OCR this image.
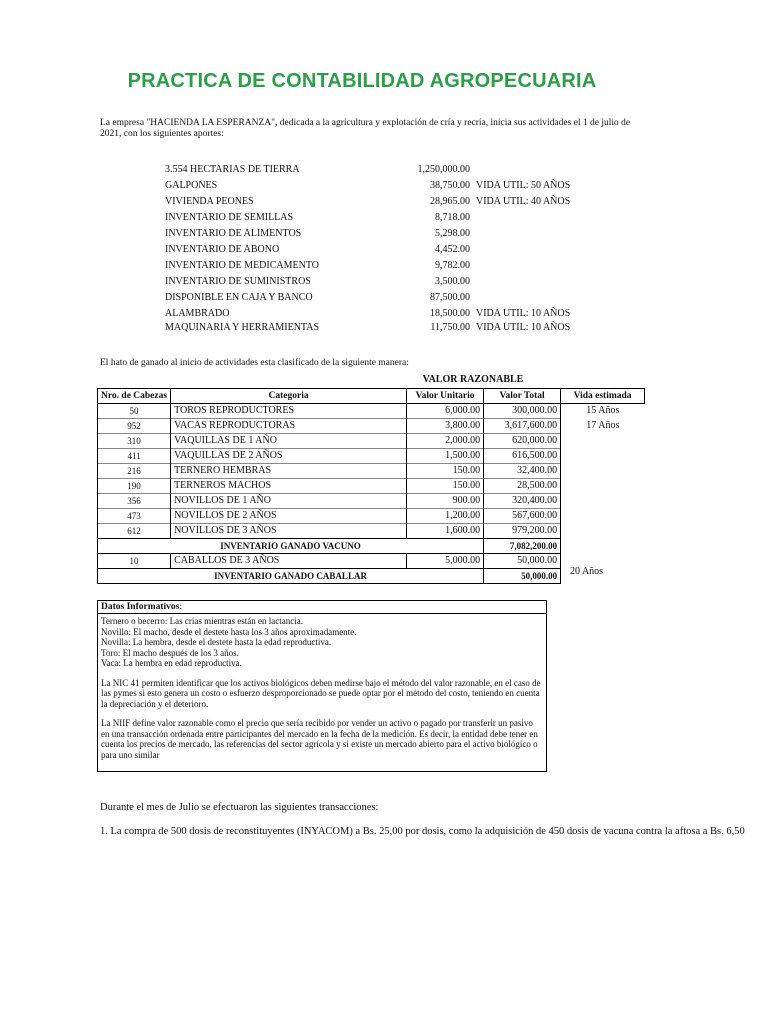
PRACTICA DE CONTABILIDAD AGROPECUARIA
La empresa "HACIENDA LA ESPERANZA", dedicada a la agricultura y explotación de cría y recría, inicia sus actividades el 1 de julio de 2021, con los siguientes aportes:
3.554 HECTARIAS DE TIERRA	1,250,000.00
GALPONES	38,750.00 VIDA UTIL: 50 AÑOS
VIVIENDA PEONES	28,965.00 VIDA UTIL: 40 AÑOS
INVENTARIO DE SEMILLAS	8,718.00
INVENTARIO DE ALIMENTOS	5,298.00
INVENTARIO DE ABONO	4,452.00
INVENTARIO DE MEDICAMENTO	9,782.00
INVENTARIO DE SUMINISTROS	3,500.00
DISPONIBLE EN CAJA Y BANCO	87,500.00
ALAMBRADO	18,500.00 VIDA UTIL: 10 AÑOS
MAQUINARIA Y HERRAMIENTAS	11,750.00 VIDA UTIL: 10 AÑOS
El hato de ganado al inicio de actividades esta clasificado de la siguiente manera:
VALOR RAZONABLE
Nro. de Cabezas	Categoria	Valor Unitario	Valor Total	Vida estimada
50	TOROS REPRODUCTORES	6,000.00	300,000.00	15 Años
952	VACAS REPRODUCTORAS	3,800.00	3,617,600.00	17 Años
310	VAQUILLAS DE 1 AÑO	2,000.00	620,000.00	
411	VAQUILLAS DE 2 AÑOS	1,500.00	616,500.00	
216	TERNERO HEMBRAS	150.00	32,400.00	
190	TERNEROS MACHOS	150.00	28,500.00	
356	NOVILLOS DE 1 AÑO	900.00	320,400.00	
473	NOVILLOS DE 2 AÑOS	1,200.00	567,600.00	
612	NOVILLOS DE 3 AÑOS	1,600.00	979,200.00	
INVENTARIO GANADO VACUNO			7,082,200.00	
10	CABALLOS DE 3 AÑOS	5,000.00	50,000.00	
INVENTARIO GANADO CABALLAR			50,000.00	20 Años
Datos Informativos:

Ternero o becerro: Las crías mientras están en lactancia.
Novillo: El macho, desde el destete hasta los 3 años aproximadamente.
Novilla: La hembra, desde el destete hasta la edad reproductiva.
Toro: El macho después de los 3 años.
Vaca: La hembra en edad reproductiva.

La NIC 41 permiten identificar que los activos biológicos deben medirse bajo el método del valor razonable, en el caso de las pymes si esto genera un costo o esfuerzo desproporcionado se puede optar por el método del costo, teniendo en cuenta la depreciación y el deterioro.

La NIIF define valor razonable como el precio que sería recibido por vender un activo o pagado por transferir un pasivo en una transacción ordenada entre participantes del mercado en la fecha de la medición. Es decir, la entidad debe tener en cuenta los precios de mercado, las referencias del sector agrícola y si existe un mercado abierto para el activo biológico o para uno similar

Durante el mes de Julio se efectuaron las siguientes transacciones:
1. La compra de 500 dosis de reconstituyentes (INYACOM) a Bs. 25,00 por dosis, como la adquisición de 450 dosis de vacuna contra la aftosa a Bs. 6,50
